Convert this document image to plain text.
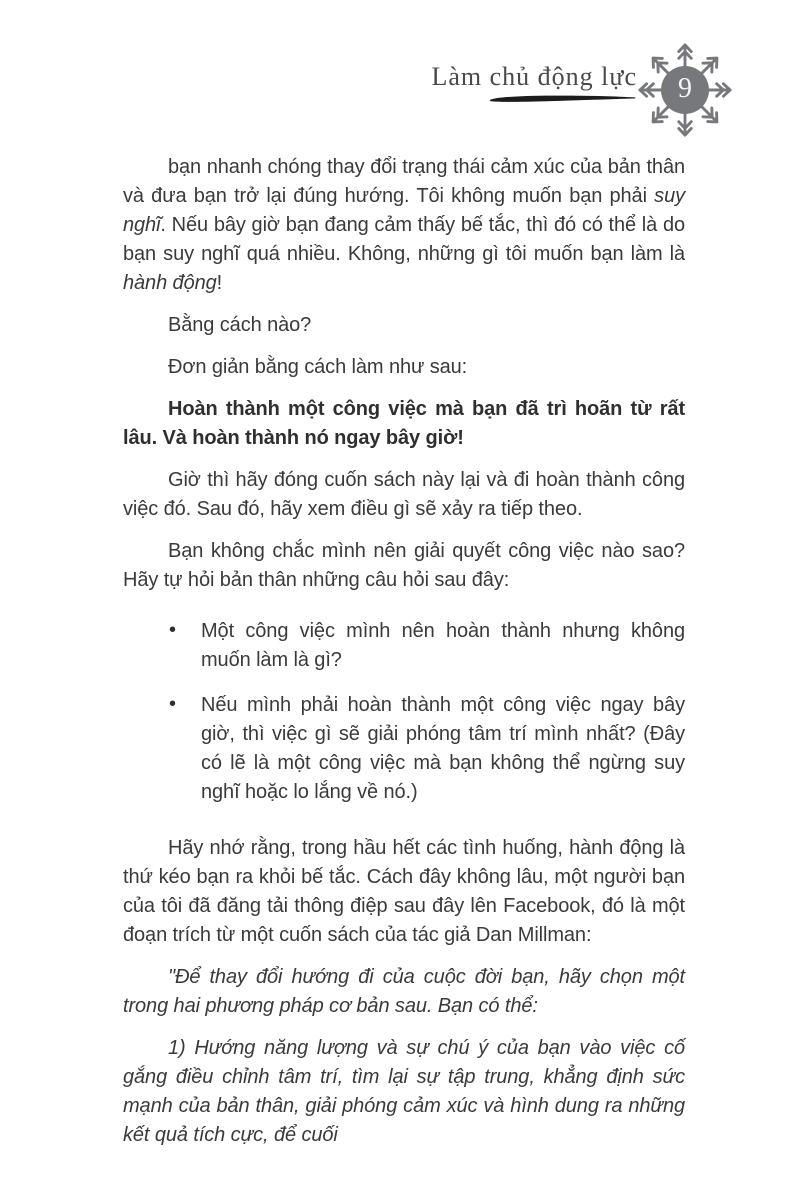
Làm chủ động lực 9

bạn nhanh chóng thay đổi trạng thái cảm xúc của bản thân và đưa bạn trở lại đúng hướng. Tôi không muốn bạn phải suy nghĩ. Nếu bây giờ bạn đang cảm thấy bế tắc, thì đó có thể là do bạn suy nghĩ quá nhiều. Không, những gì tôi muốn bạn làm là hành động!

Bằng cách nào?

Đơn giản bằng cách làm như sau:

Hoàn thành một công việc mà bạn đã trì hoãn từ rất lâu. Và hoàn thành nó ngay bây giờ!

Giờ thì hãy đóng cuốn sách này lại và đi hoàn thành công việc đó. Sau đó, hãy xem điều gì sẽ xảy ra tiếp theo.

Bạn không chắc mình nên giải quyết công việc nào sao? Hãy tự hỏi bản thân những câu hỏi sau đây:

• Một công việc mình nên hoàn thành nhưng không muốn làm là gì?
• Nếu mình phải hoàn thành một công việc ngay bây giờ, thì việc gì sẽ giải phóng tâm trí mình nhất? (Đây có lẽ là một công việc mà bạn không thể ngừng suy nghĩ hoặc lo lắng về nó.)

Hãy nhớ rằng, trong hầu hết các tình huống, hành động là thứ kéo bạn ra khỏi bế tắc. Cách đây không lâu, một người bạn của tôi đã đăng tải thông điệp sau đây lên Facebook, đó là một đoạn trích từ một cuốn sách của tác giả Dan Millman:

"Để thay đổi hướng đi của cuộc đời bạn, hãy chọn một trong hai phương pháp cơ bản sau. Bạn có thể:

1) Hướng năng lượng và sự chú ý của bạn vào việc cố gắng điều chỉnh tâm trí, tìm lại sự tập trung, khẳng định sức mạnh của bản thân, giải phóng cảm xúc và hình dung ra những kết quả tích cực, để cuối
